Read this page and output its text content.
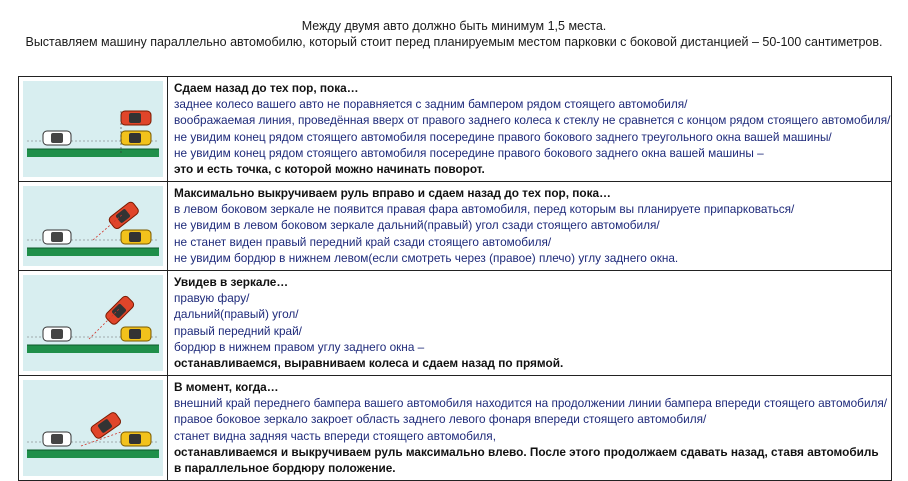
Между двумя авто должно быть минимум 1,5 места.
Выставляем машину параллельно автомобилю, который стоит перед планируемым местом парковки с боковой дистанцией – 50-100 сантиметров.
Сдаем назад до тех пор, пока…
заднее колесо вашего авто не поравняется с задним бампером рядом стоящего автомобиля/
воображаемая линия, проведённая вверх от правого заднего колеса к стеклу не сравнется с концом рядом стоящего автомобиля/
не увидим конец рядом стоящего автомобиля посередине правого бокового заднего треугольного окна вашей машины/
не увидим конец рядом стоящего автомобиля посередине правого бокового заднего окна вашей машины –
это и есть точка, с которой можно начинать поворот.
Максимально выкручиваем руль вправо и сдаем назад до тех пор, пока…
в левом боковом зеркале не появится правая фара автомобиля, перед которым вы планируете припарковаться/
не увидим в левом боковом зеркале дальний(правый) угол сзади стоящего автомобиля/
не станет виден правый передний край сзади стоящего автомобиля/
не увидим бордюр в нижнем левом(если смотреть через (правое) плечо) углу заднего окна.
Увидев в зеркале…
правую фару/
дальний(правый) угол/
правый передний край/
бордюр в нижнем правом углу заднего окна –
останавливаемся, выравниваем колеса и сдаем назад по прямой.
В момент, когда…
внешний край переднего бампера вашего автомобиля находится на продолжении линии бампера впереди стоящего автомобиля/
правое боковое зеркало закроет область заднего левого фонаря впереди стоящего автомобиля/
станет видна задняя часть впереди стоящего автомобиля,
останавливаемся и выкручиваем руль максимально влево. После этого продолжаем сдавать назад, ставя автомобиль в параллельное бордюру положение.
